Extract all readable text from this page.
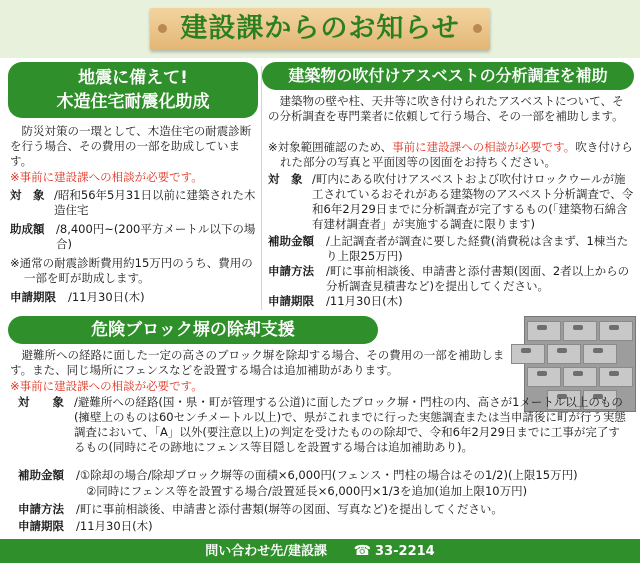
建設課からのお知らせ
地震に備えて!
木造住宅耐震化助成
防災対策の一環として、木造住宅の耐震診断を行う場合、その費用の一部を助成しています。
※事前に建設課への相談が必要です。
対　象 /昭和56年5月31日以前に建築された木造住宅
助成額 /8,400円~(200平方メートル以下の場合)
※通常の耐震診断費用約15万円のうち、費用の一部を町が助成します。
申請期限 /11月30日(木)
建築物の吹付けアスベストの分析調査を補助
建築物の壁や柱、天井等に吹き付けられたアスベストについて、その分析調査を専門業者に依頼して行う場合、その一部を補助します。
※対象範囲確認のため、事前に建設課への相談が必要です。吹き付けられた部分の写真と平面図等の図面をお持ちください。
対　象 /町内にある吹付けアスベストおよび吹付けロックウールが施工されているおそれがある建築物のアスベスト分析調査で、令和6年2月29日までに分析調査が完了するもの(「建築物石綿含有建材調査者」が実施する調査に限ります)
補助金額 /上記調査者が調査に要した経費(消費税は含まず、1棟当たり上限25万円)
申請方法 /町に事前相談後、申請書と添付書類(図面、2者以上からの分析調査見積書など)を提出してください。
申請期限 /11月30日(木)
危険ブロック塀の除却支援
避難所への経路に面した一定の高さのブロック塀を除却する場合、その費用の一部を補助します。また、同じ場所にフェンスなどを設置する場合は追加補助があります。
※事前に建設課への相談が必要です。
対　　象 /避難所への経路(国・県・町が管理する公道)に面したブロック塀・門柱の内、高さが1メートル以上のもの(擁壁上のものは60センチメートル以上)で、県がこれまでに行った実態調査または当申請後に町が行う実態調査において、「A」以外(要注意以上)の判定を受けたものの除却で、令和6年2月29日までに工事が完了するもの(同時にその跡地にフェンス等目隠しを設置する場合は追加補助あり)。
補助金額 /①除却の場合/除却ブロック塀等の面積×6,000円(フェンス・門柱の場合はその1/2)(上限15万円)
②同時にフェンス等を設置する場合/設置延長×6,000円×1/3を追加(追加上限10万円)
申請方法 /町に事前相談後、申請書と添付書類(塀等の図面、写真など)を提出してください。
申請期限 /11月30日(木)
問い合わせ先/建設課 ☎ 33-2214
